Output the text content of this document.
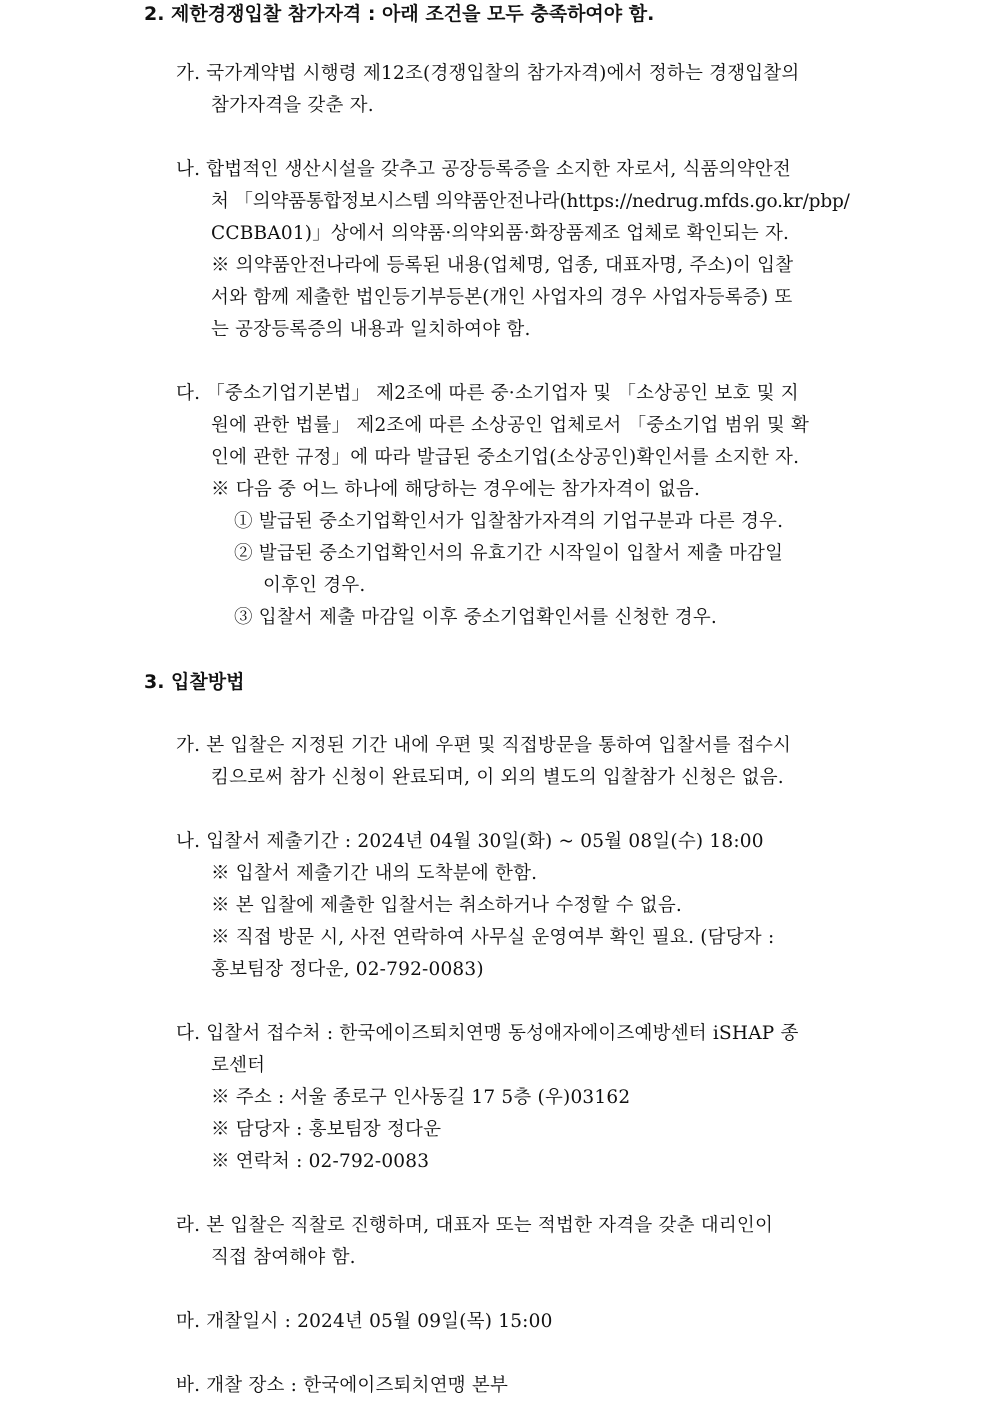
2. 제한경쟁입찰 참가자격 : 아래 조건을 모두 충족하여야 함.
가. 국가계약법 시행령 제12조(경쟁입찰의 참가자격)에서 정하는 경쟁입찰의
참가자격을 갖춘 자.
나. 합법적인 생산시설을 갖추고 공장등록증을 소지한 자로서, 식품의약안전
처 「의약품통합정보시스템 의약품안전나라(https://nedrug.mfds.go.kr/pbp/
CCBBA01)」상에서 의약품·의약외품·화장품제조 업체로 확인되는 자.
※ 의약품안전나라에 등록된 내용(업체명, 업종, 대표자명, 주소)이 입찰
서와 함께 제출한 법인등기부등본(개인 사업자의 경우 사업자등록증) 또
는 공장등록증의 내용과 일치하여야 함.
다. 「중소기업기본법」 제2조에 따른 중·소기업자 및 「소상공인 보호 및 지
원에 관한 법률」 제2조에 따른 소상공인 업체로서 「중소기업 범위 및 확
인에 관한 규정」에 따라 발급된 중소기업(소상공인)확인서를 소지한 자.
※ 다음 중 어느 하나에 해당하는 경우에는 참가자격이 없음.
① 발급된 중소기업확인서가 입찰참가자격의 기업구분과 다른 경우.
② 발급된 중소기업확인서의 유효기간 시작일이 입찰서 제출 마감일
이후인 경우.
③ 입찰서 제출 마감일 이후 중소기업확인서를 신청한 경우.
3. 입찰방법
가. 본 입찰은 지정된 기간 내에 우편 및 직접방문을 통하여 입찰서를 접수시
킴으로써 참가 신청이 완료되며, 이 외의 별도의 입찰참가 신청은 없음.
나. 입찰서 제출기간 : 2024년 04월 30일(화) ~ 05월 08일(수) 18:00
※ 입찰서 제출기간 내의 도착분에 한함.
※ 본 입찰에 제출한 입찰서는 취소하거나 수정할 수 없음.
※ 직접 방문 시, 사전 연락하여 사무실 운영여부 확인 필요. (담당자 :
홍보팀장 정다운, 02-792-0083)
다. 입찰서 접수처 : 한국에이즈퇴치연맹 동성애자에이즈예방센터 iSHAP 종
로센터
※ 주소 : 서울 종로구 인사동길 17 5층 (우)03162
※ 담당자 : 홍보팀장 정다운
※ 연락처 : 02-792-0083
라. 본 입찰은 직찰로 진행하며, 대표자 또는 적법한 자격을 갖춘 대리인이
직접 참여해야 함.
마. 개찰일시 : 2024년 05월 09일(목) 15:00
바. 개찰 장소 : 한국에이즈퇴치연맹 본부
